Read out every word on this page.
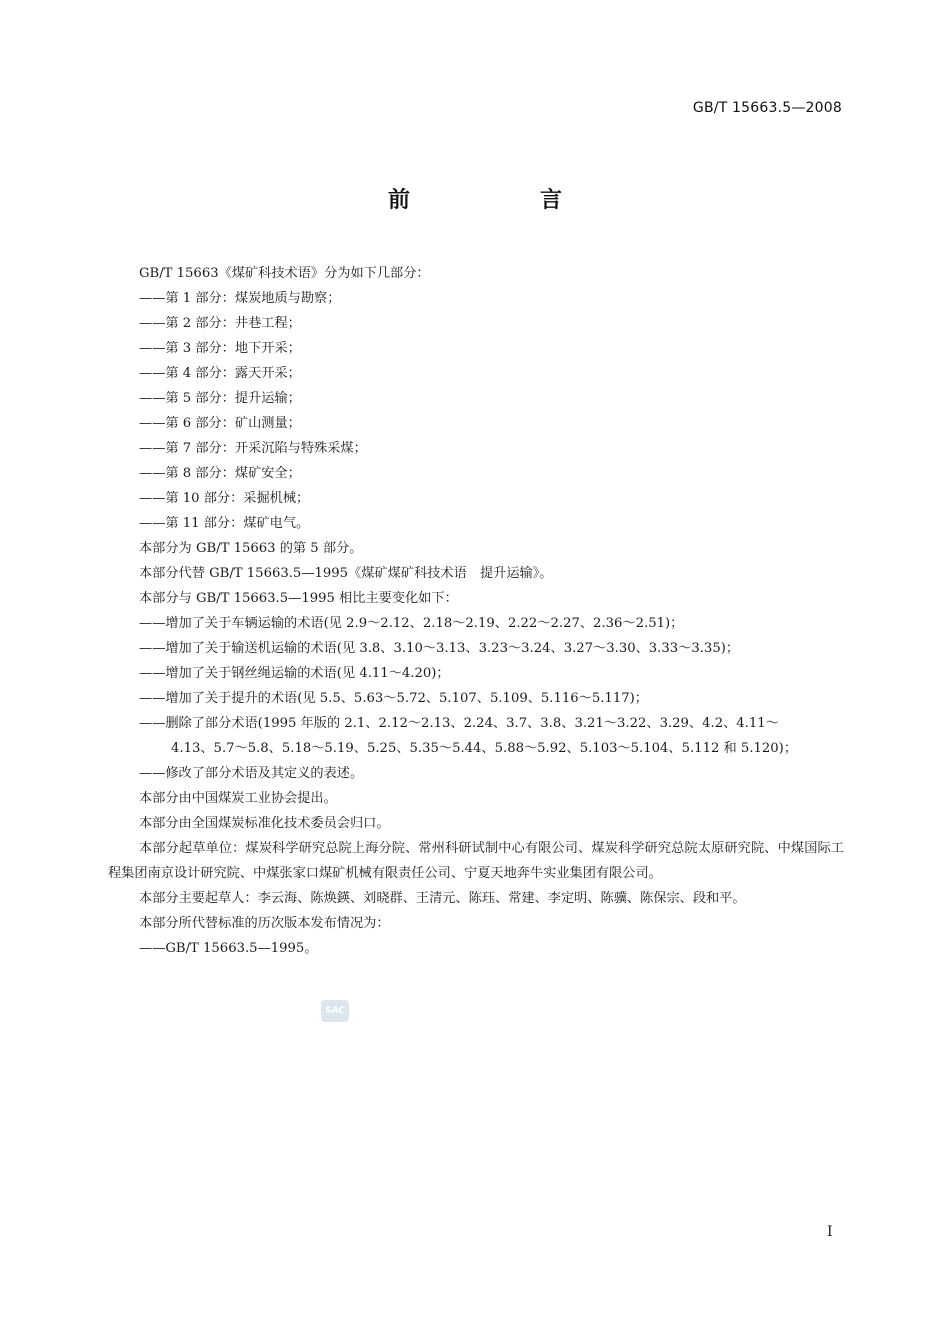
GB/T 15663.5—2008
前　言
GB/T 15663《煤矿科技术语》分为如下几部分：
——第 1 部分：煤炭地质与勘察；
——第 2 部分：井巷工程；
——第 3 部分：地下开采；
——第 4 部分：露天开采；
——第 5 部分：提升运输；
——第 6 部分：矿山测量；
——第 7 部分：开采沉陷与特殊采煤；
——第 8 部分：煤矿安全；
——第 10 部分：采掘机械；
——第 11 部分：煤矿电气。
本部分为 GB/T 15663 的第 5 部分。
本部分代替 GB/T 15663.5—1995《煤矿煤矿科技术语　提升运输》。
本部分与 GB/T 15663.5—1995 相比主要变化如下：
——增加了关于车辆运输的术语(见 2.9～2.12、2.18～2.19、2.22～2.27、2.36～2.51)；
——增加了关于输送机运输的术语(见 3.8、3.10～3.13、3.23～3.24、3.27～3.30、3.33～3.35)；
——增加了关于钢丝绳运输的术语(见 4.11～4.20)；
——增加了关于提升的术语(见 5.5、5.63～5.72、5.107、5.109、5.116～5.117)；
——删除了部分术语(1995 年版的 2.1、2.12～2.13、2.24、3.7、3.8、3.21～3.22、3.29、4.2、4.11～
4.13、5.7～5.8、5.18～5.19、5.25、5.35～5.44、5.88～5.92、5.103～5.104、5.112 和 5.120)；
——修改了部分术语及其定义的表述。
本部分由中国煤炭工业协会提出。
本部分由全国煤炭标准化技术委员会归口。
本部分起草单位：煤炭科学研究总院上海分院、常州科研试制中心有限公司、煤炭科学研究总院太原研究院、中煤国际工程集团南京设计研究院、中煤张家口煤矿机械有限责任公司、宁夏天地奔牛实业集团有限公司。
本部分主要起草人：李云海、陈焕鍈、刘晓群、王清元、陈珏、常建、李定明、陈骥、陈保宗、段和平。
本部分所代替标准的历次版本发布情况为：
——GB/T 15663.5—1995。
SAC
I
